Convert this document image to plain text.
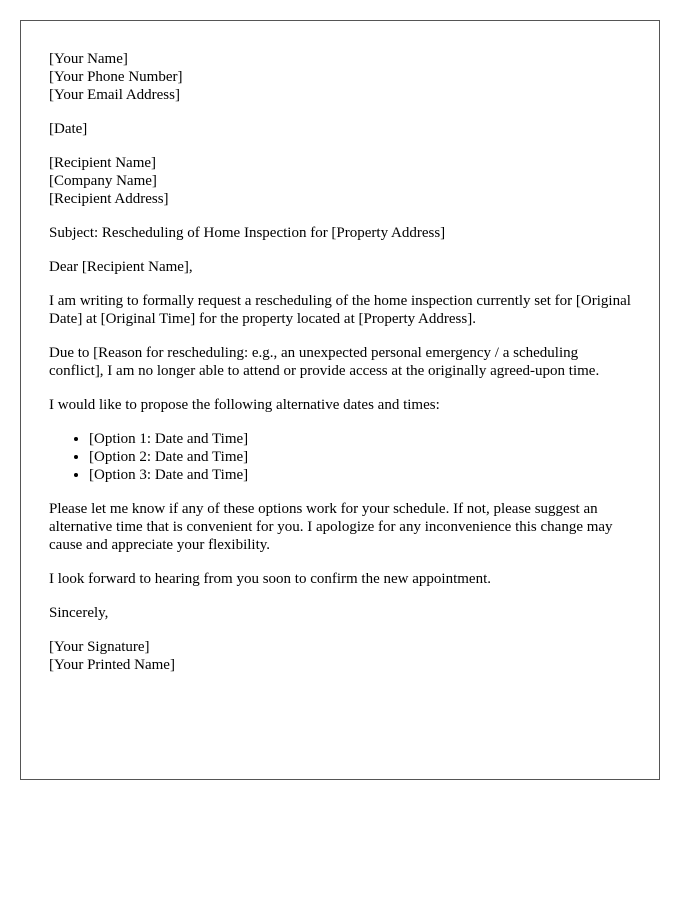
[Your Name]
[Your Phone Number]
[Your Email Address]
[Date]
[Recipient Name]
[Company Name]
[Recipient Address]

Subject: Rescheduling of Home Inspection for [Property Address]

Dear [Recipient Name],

I am writing to formally request a rescheduling of the home inspection currently set for [Original Date] at [Original Time] for the property located at [Property Address].

Due to [Reason for rescheduling: e.g., an unexpected personal emergency / a scheduling conflict], I am no longer able to attend or provide access at the originally agreed-upon time.

I would like to propose the following alternative dates and times:

• [Option 1: Date and Time]
• [Option 2: Date and Time]
• [Option 3: Date and Time]

Please let me know if any of these options work for your schedule. If not, please suggest an alternative time that is convenient for you. I apologize for any inconvenience this change may cause and appreciate your flexibility.

I look forward to hearing from you soon to confirm the new appointment.

Sincerely,

[Your Signature]
[Your Printed Name]
